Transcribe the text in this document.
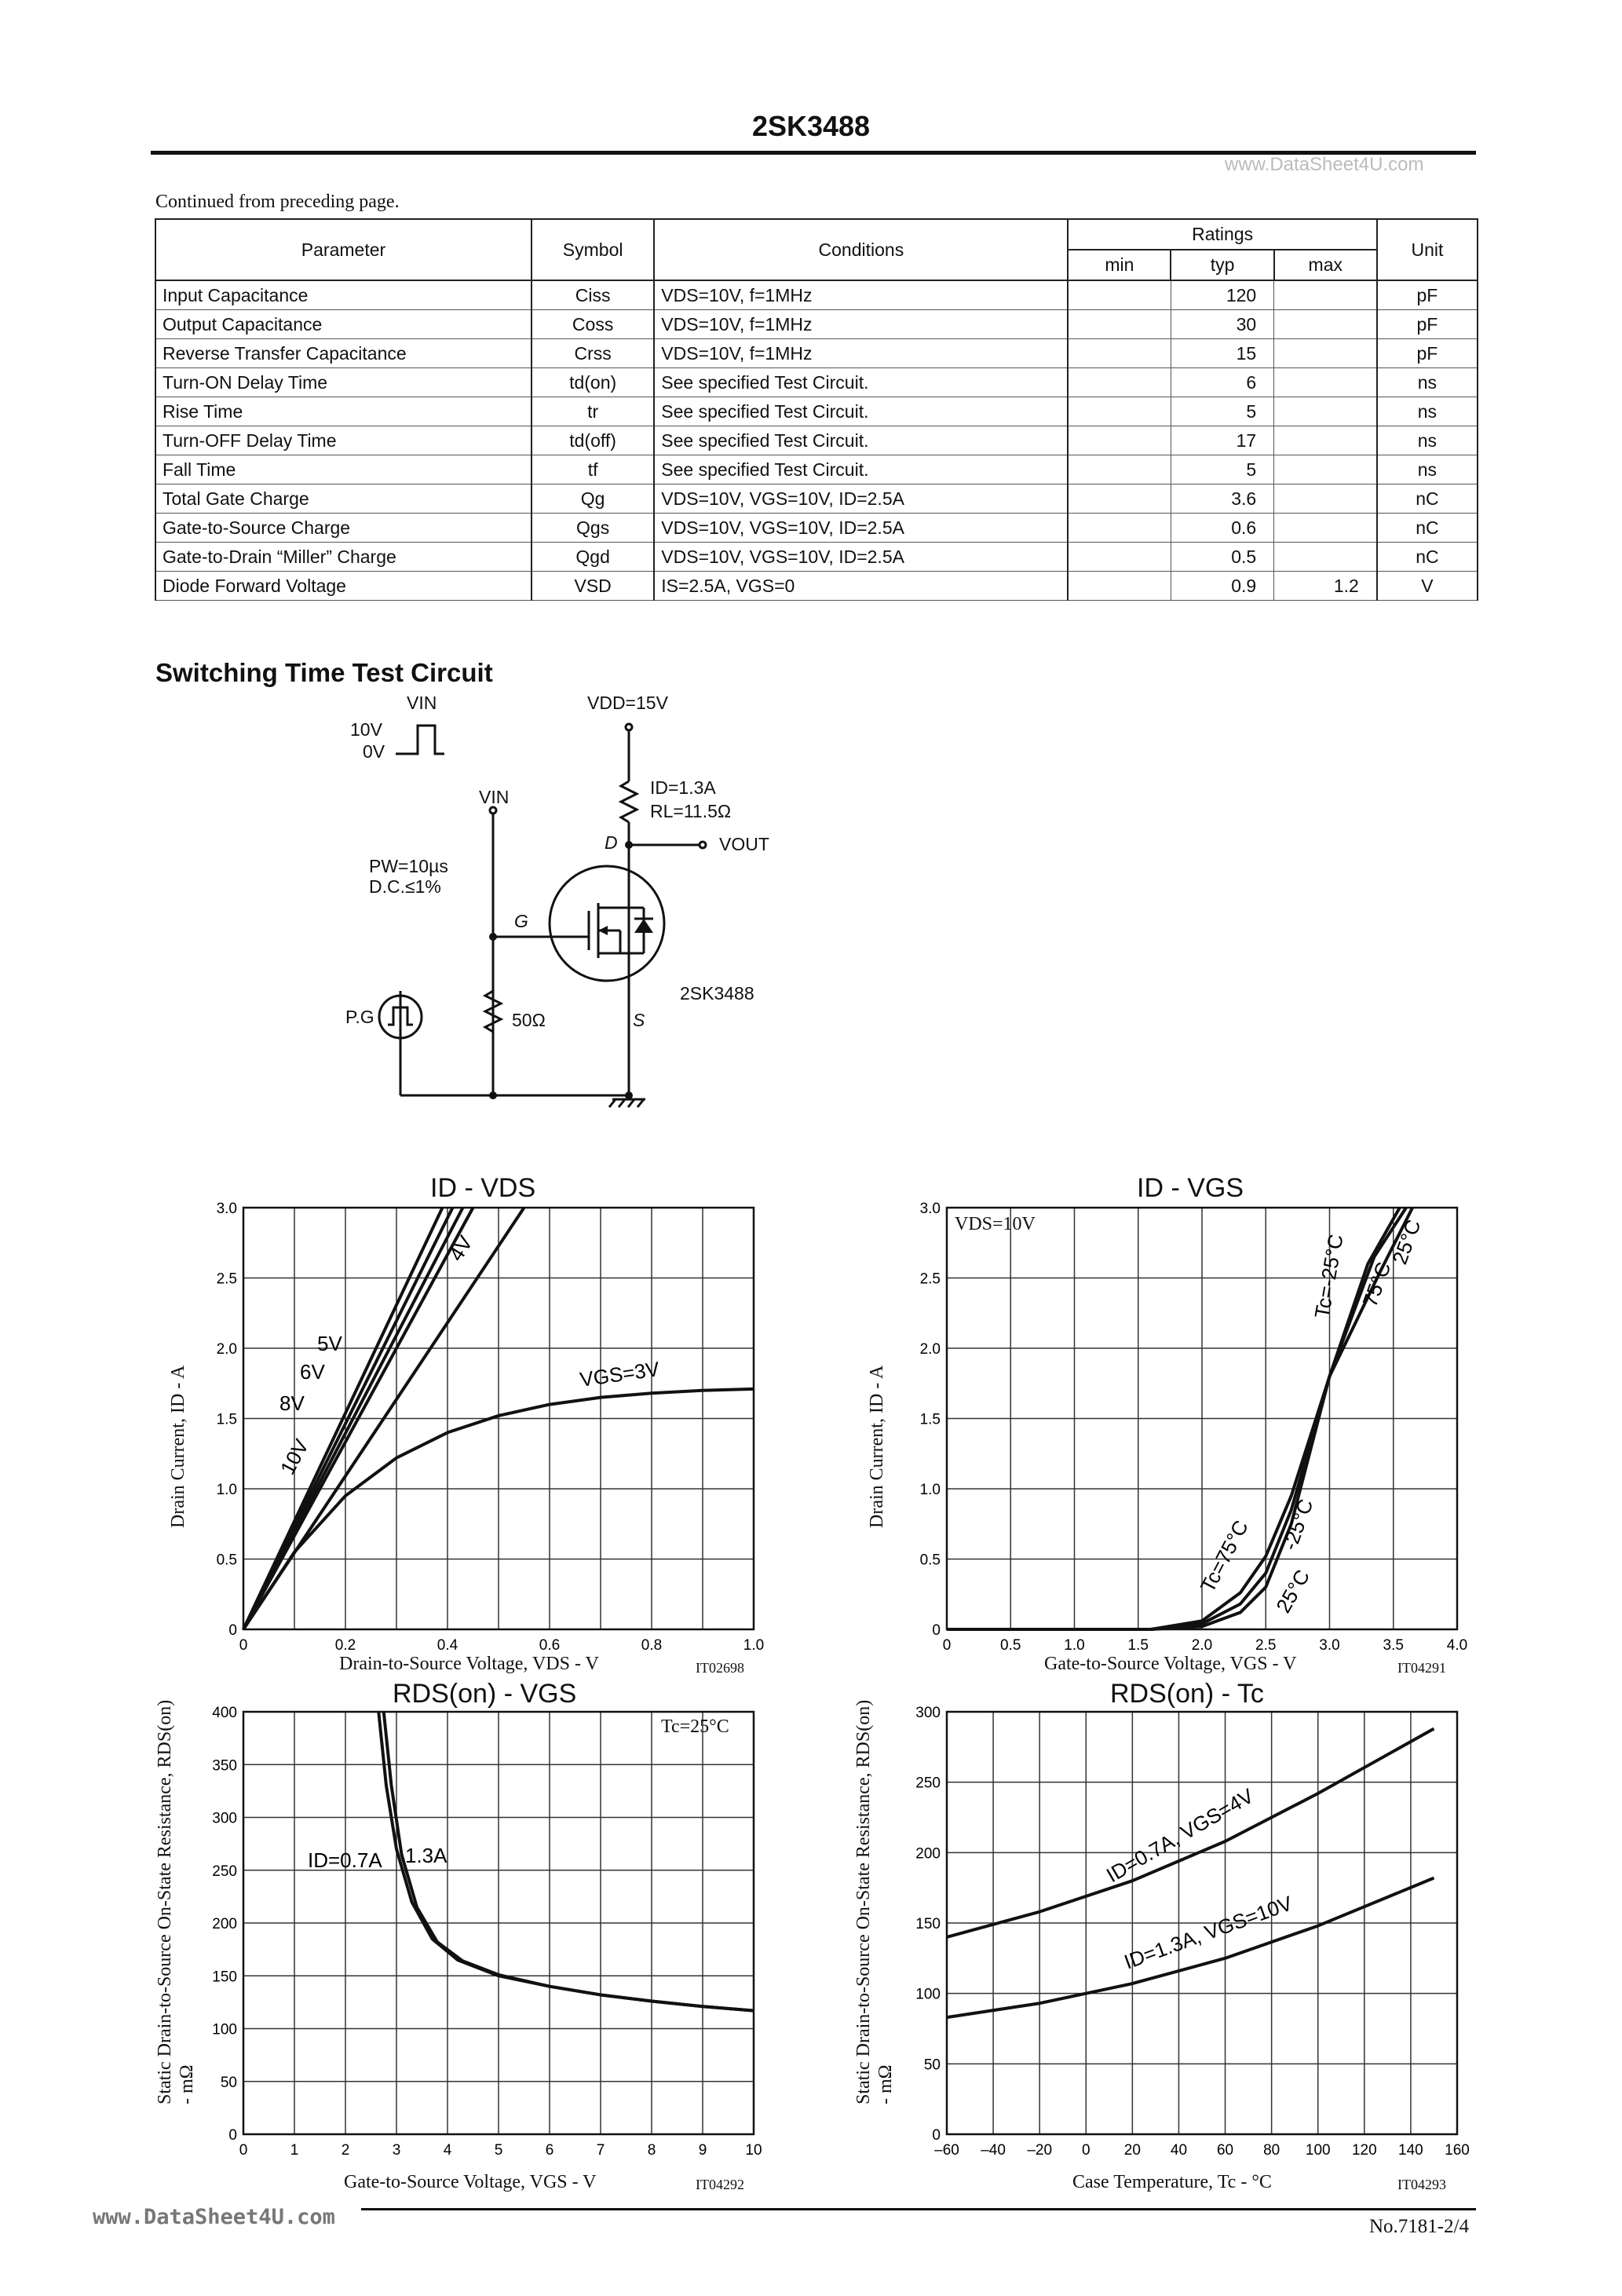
2SK3488
www.DataSheet4U.com
Continued from preceding page.
Parameter	Symbol	Conditions	Ratings			Unit
			min	typ	max	
Input Capacitance	Ciss	VDS=10V, f=1MHz		120		pF
Output Capacitance	Coss	VDS=10V, f=1MHz		30		pF
Reverse Transfer Capacitance	Crss	VDS=10V, f=1MHz		15		pF
Turn-ON Delay Time	td(on)	See specified Test Circuit.		6		ns
Rise Time	tr	See specified Test Circuit.		5		ns
Turn-OFF Delay Time	td(off)	See specified Test Circuit.		17		ns
Fall Time	tf	See specified Test Circuit.		5		ns
Total Gate Charge	Qg	VDS=10V, VGS=10V, ID=2.5A		3.6		nC
Gate-to-Source Charge	Qgs	VDS=10V, VGS=10V, ID=2.5A		0.6		nC
Gate-to-Drain “Miller” Charge	Qgd	VDS=10V, VGS=10V, ID=2.5A		0.5		nC
Diode Forward Voltage	VSD	IS=2.5A, VGS=0		0.9	1.2	V
Switching Time Test Circuit
VIN
10V
0V
VDD=15V
ID=1.3A
RL=11.5Ω
D	VOUT
VIN
PW=10µs
D.C.≤1%
G
S
P.G	50Ω
2SK3488
0	0.2	0.4	0.6	0.8	1.0
0
0.5
1.0
1.5
2.0
2.5
3.0
10V
8V
6V
5V
4V
VGS=3V
0	0.5	1.0	1.5	2.0	2.5	3.0	3.5	4.0
0
0.5
1.0
1.5
2.0
2.5
3.0
Tc=-25°C 75°C
25°C
Tc=75°C -25°C
25°C
0	1	2	3	4	5	6	7	8	9	10
0
50
100
150
200
250
300
350
400
ID=0.7A 1.3A
–60 –40 –20 0 20 40 60 80 100 120 140 160
0
50
100
150
200
250
300
ID=0.7A, VGS=4V
ID=1.3A, VGS=10V
ID - VDS	ID - VGS
RDS(on) - VGS	RDS(on) - Tc
Drain-to-Source Voltage, VDS - V	Gate-to-Source Voltage, VGS - V
Gate-to-Source Voltage, VGS - V	Case Temperature, Tc - °C
Drain Current, ID - A	Drain Current, ID - A
Static Drain-to-Source On-State Resistance, RDS(on) - mΩ	Static Drain-to-Source On-State Resistance, RDS(on) - mΩ
IT02698	IT04291
IT04292	IT04293
VDS=10V
Tc=25°C
www.DataSheet4U.com	No.7181-2/4
